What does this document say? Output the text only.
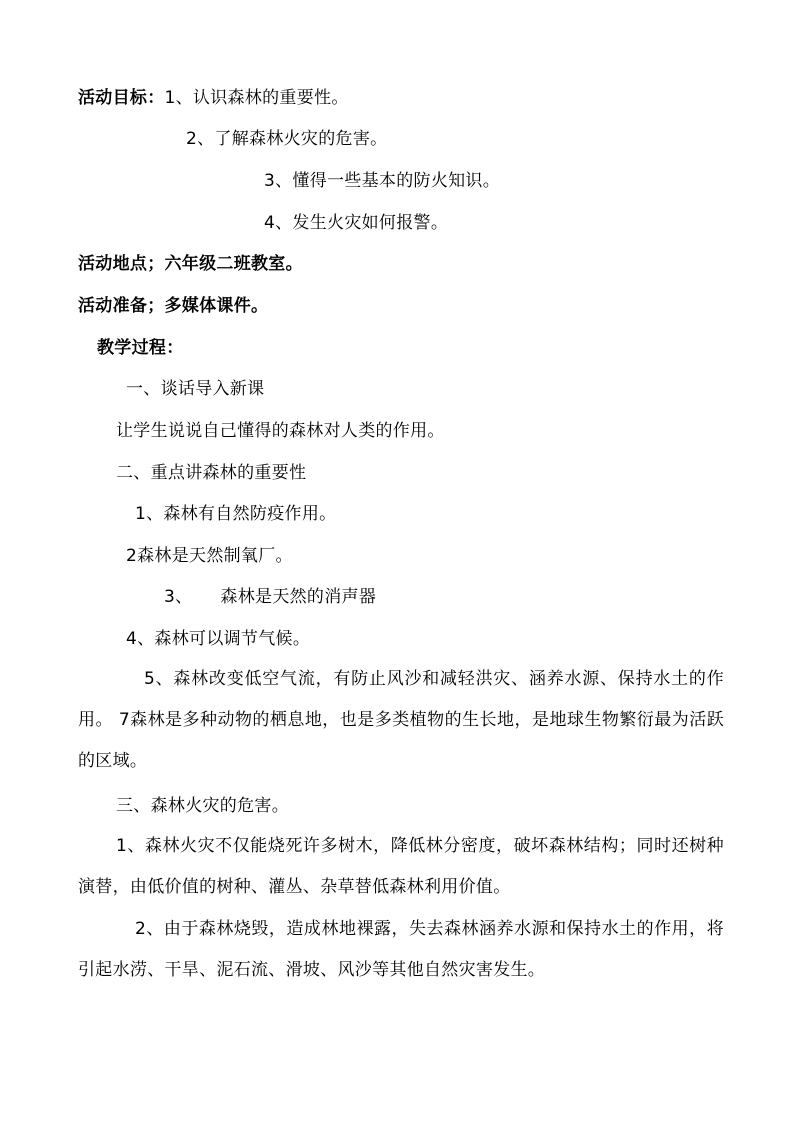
活动目标：1、认识森林的重要性。
2、了解森林火灾的危害。
3、懂得一些基本的防火知识。
4、发生火灾如何报警。
活动地点；六年级二班教室。
活动准备；多媒体课件。
教学过程：
一、谈话导入新课
让学生说说自己懂得的森林对人类的作用。
二、重点讲森林的重要性
1、森林有自然防疫作用。
2森林是天然制氧厂。
3、 森林是天然的消声器
4、森林可以调节气候。
5、森林改变低空气流，有防止风沙和减轻洪灾、涵养水源、保持水土的作用。 7森林是多种动物的栖息地，也是多类植物的生长地，是地球生物繁衍最为活跃的区域。
三、森林火灾的危害。
1、森林火灾不仅能烧死许多树木，降低林分密度，破坏森林结构；同时还树种演替，由低价值的树种、灌丛、杂草替低森林利用价值。
2、由于森林烧毁，造成林地裸露，失去森林涵养水源和保持水土的作用，将引起水涝、干旱、泥石流、滑坡、风沙等其他自然灾害发生。
